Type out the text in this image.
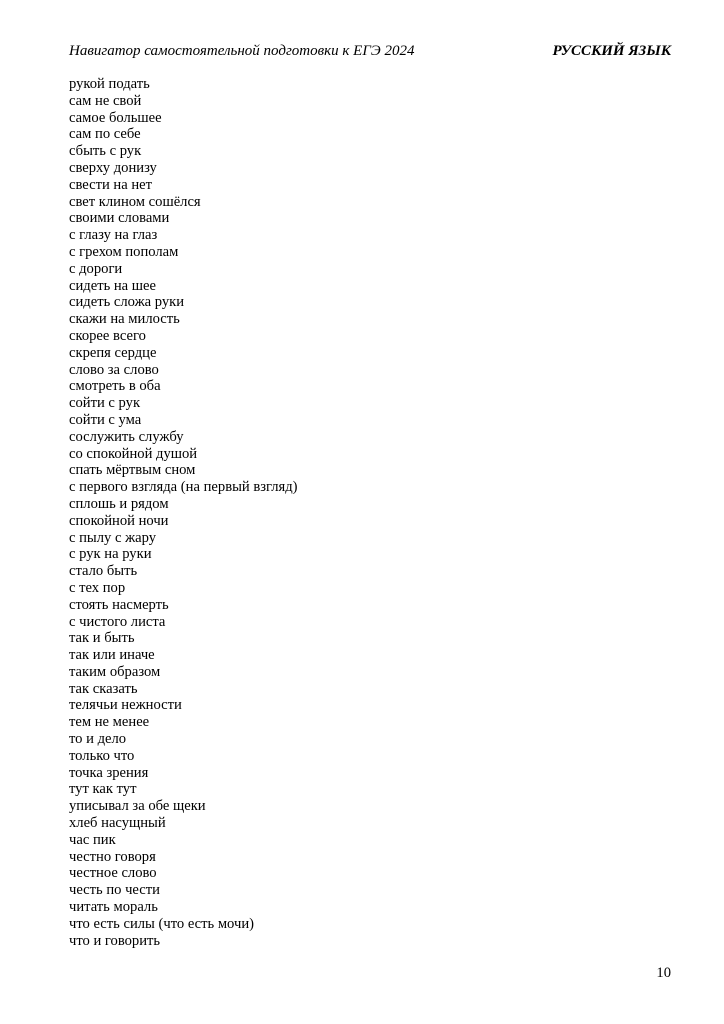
Навигатор самостоятельной подготовки к ЕГЭ 2024	РУССКИЙ ЯЗЫК
рукой подать
сам не свой
самое большее
сам по себе
сбыть с рук
сверху донизу
свести на нет
свет клином сошёлся
своими словами
с глазу на глаз
с грехом пополам
с дороги
сидеть на шее
сидеть сложа руки
скажи на милость
скорее всего
скрепя сердце
слово за слово
смотреть в оба
сойти с рук
сойти с ума
сослужить службу
со спокойной душой
спать мёртвым сном
с первого взгляда (на первый взгляд)
сплошь и рядом
спокойной ночи
с пылу с жару
с рук на руки
стало быть
с тех пор
стоять насмерть
с чистого листа
так и быть
так или иначе
таким образом
так сказать
телячьи нежности
тем не менее
то и дело
только что
точка зрения
тут как тут
уписывал за обе щеки
хлеб насущный
час пик
честно говоря
честное слово
честь по чести
читать мораль
что есть силы (что есть мочи)
что и говорить
10
